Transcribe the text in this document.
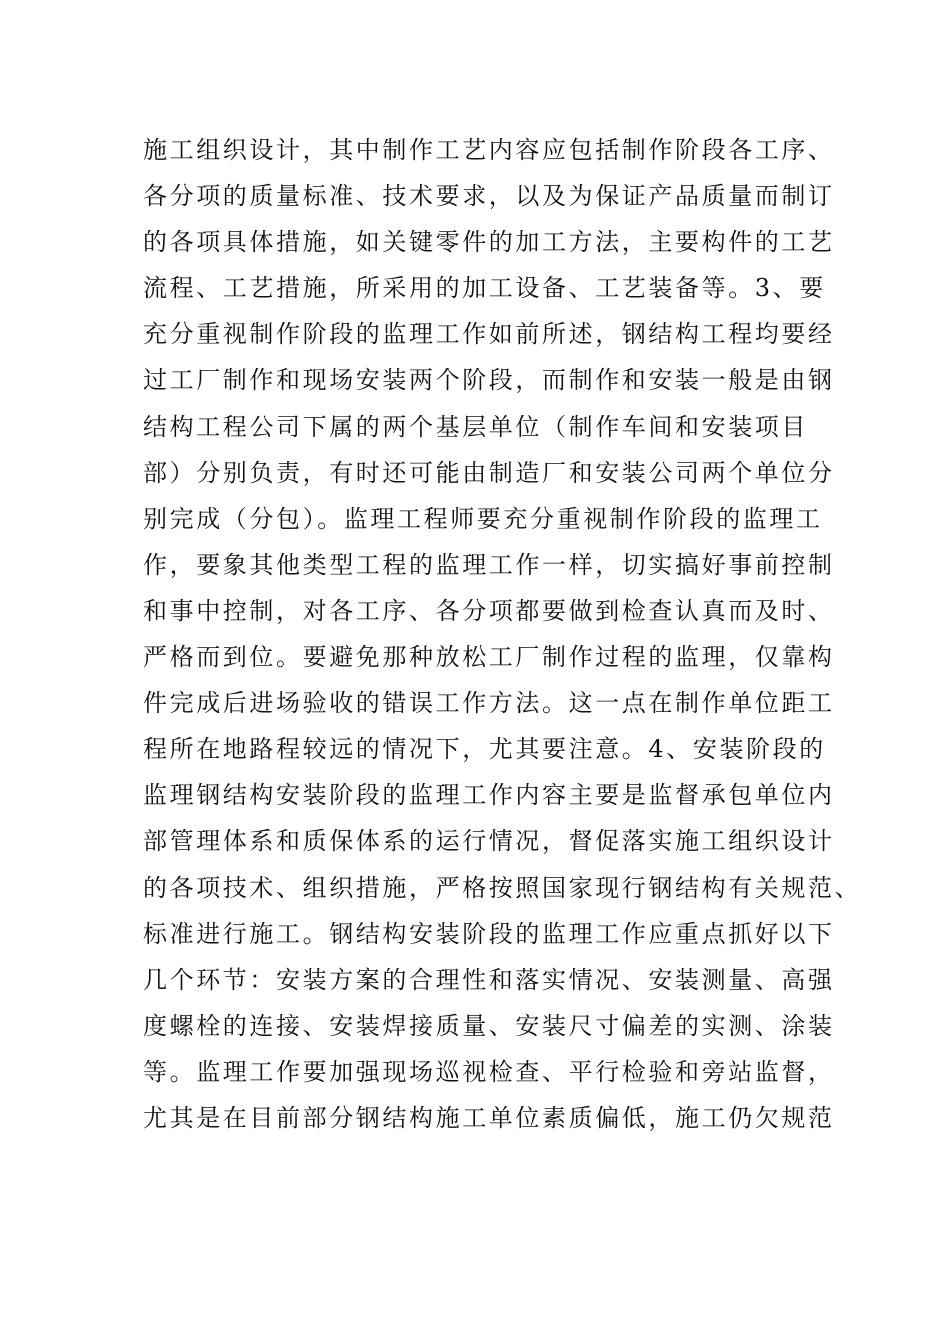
施工组织设计，其中制作工艺内容应包括制作阶段各工序、
各分项的质量标准、技术要求，以及为保证产品质量而制订
的各项具体措施，如关键零件的加工方法，主要构件的工艺
流程、工艺措施，所采用的加工设备、工艺装备等。3、要
充分重视制作阶段的监理工作如前所述，钢结构工程均要经
过工厂制作和现场安装两个阶段，而制作和安装一般是由钢
结构工程公司下属的两个基层单位（制作车间和安装项目
部）分别负责，有时还可能由制造厂和安装公司两个单位分
别完成（分包）。监理工程师要充分重视制作阶段的监理工
作，要象其他类型工程的监理工作一样，切实搞好事前控制
和事中控制，对各工序、各分项都要做到检查认真而及时、
严格而到位。要避免那种放松工厂制作过程的监理，仅靠构
件完成后进场验收的错误工作方法。这一点在制作单位距工
程所在地路程较远的情况下，尤其要注意。4、安装阶段的
监理钢结构安装阶段的监理工作内容主要是监督承包单位内
部管理体系和质保体系的运行情况，督促落实施工组织设计
的各项技术、组织措施，严格按照国家现行钢结构有关规范、
标准进行施工。钢结构安装阶段的监理工作应重点抓好以下
几个环节：安装方案的合理性和落实情况、安装测量、高强
度螺栓的连接、安装焊接质量、安装尺寸偏差的实测、涂装
等。监理工作要加强现场巡视检查、平行检验和旁站监督，
尤其是在目前部分钢结构施工单位素质偏低，施工仍欠规范
